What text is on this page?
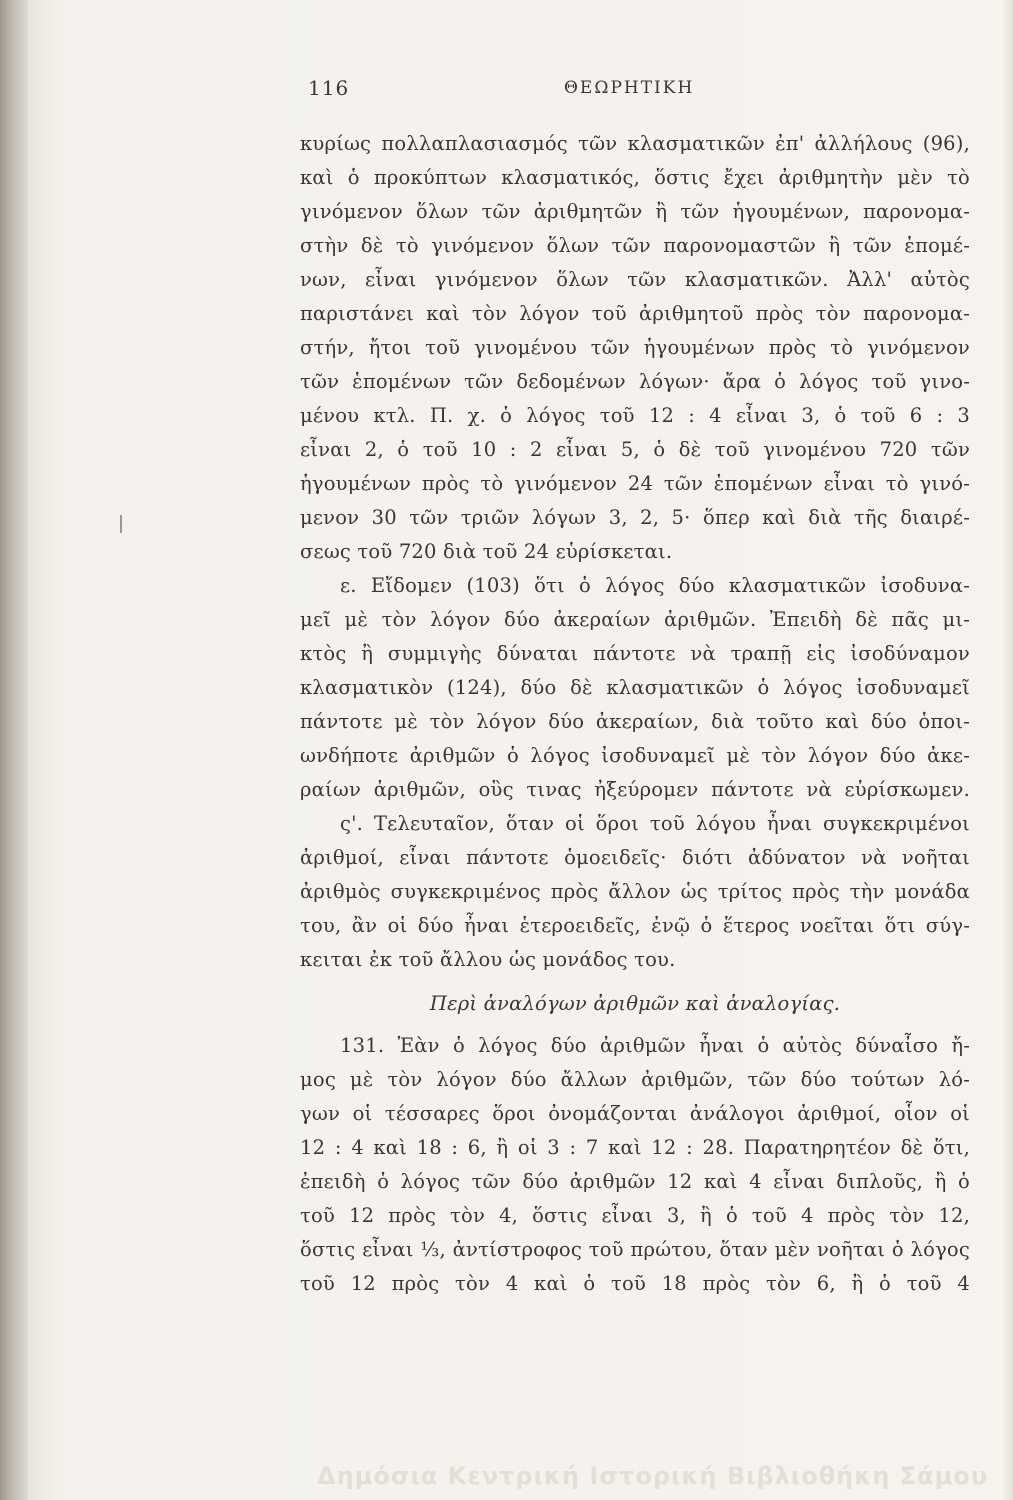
116	ΘΕΩΡΗΤΙΚΗ
κυρίως πολλαπλασιασμός τῶν κλασματικῶν ἐπ' ἀλλήλους (96),
καὶ ὁ προκύπτων κλασματικός, ὅστις ἔχει ἀριθμητὴν μὲν τὸ
γινόμενον ὅλων τῶν ἀριθμητῶν ἢ τῶν ἡγουμένων, παρονομα-
στὴν δὲ τὸ γινόμενον ὅλων τῶν παρονομαστῶν ἢ τῶν ἑπομέ-
νων, εἶναι γινόμενον ὅλων τῶν κλασματικῶν. Ἀλλ' αὐτὸς
παριστάνει καὶ τὸν λόγον τοῦ ἀριθμητοῦ πρὸς τὸν παρονομα-
στήν, ἤτοι τοῦ γινομένου τῶν ἡγουμένων πρὸς τὸ γινόμενον
τῶν ἑπομένων τῶν δεδομένων λόγων· ἄρα ὁ λόγος τοῦ γινο-
μένου κτλ. Π. χ. ὁ λόγος τοῦ 12 : 4 εἶναι 3, ὁ τοῦ 6 : 3
εἶναι 2, ὁ τοῦ 10 : 2 εἶναι 5, ὁ δὲ τοῦ γινομένου 720 τῶν
ἡγουμένων πρὸς τὸ γινόμενον 24 τῶν ἑπομένων εἶναι τὸ γινό-
μενον 30 τῶν τριῶν λόγων 3, 2, 5· ὅπερ καὶ διὰ τῆς διαιρέ-
σεως τοῦ 720 διὰ τοῦ 24 εὑρίσκεται.
ε. Εἴδομεν (103) ὅτι ὁ λόγος δύο κλασματικῶν ἰσοδυνα-
μεῖ μὲ τὸν λόγον δύο ἀκεραίων ἀριθμῶν. Ἐπειδὴ δὲ πᾶς μι-
κτὸς ἢ συμμιγὴς δύναται πάντοτε νὰ τραπῇ εἰς ἰσοδύναμον
κλασματικὸν (124), δύο δὲ κλασματικῶν ὁ λόγος ἰσοδυναμεῖ
πάντοτε μὲ τὸν λόγον δύο ἀκεραίων, διὰ τοῦτο καὶ δύο ὁποι-
ωνδήποτε ἀριθμῶν ὁ λόγος ἰσοδυναμεῖ μὲ τὸν λόγον δύο ἀκε-
ραίων ἀριθμῶν, οὓς τινας ἠξεύρομεν πάντοτε νὰ εὑρίσκωμεν.
ς'. Τελευταῖον, ὅταν οἱ ὅροι τοῦ λόγου ἦναι συγκεκριμένοι
ἀριθμοί, εἶναι πάντοτε ὁμοειδεῖς· διότι ἀδύνατον νὰ νοῆται
ἀριθμὸς συγκεκριμένος πρὸς ἄλλον ὡς τρίτος πρὸς τὴν μονάδα
του, ἂν οἱ δύο ἦναι ἑτεροειδεῖς, ἐνῷ ὁ ἕτερος νοεῖται ὅτι σύγ-
κειται ἐκ τοῦ ἄλλου ὡς μονάδος του.
Περὶ ἀναλόγων ἀριθμῶν καὶ ἀναλογίας.
131. Ἐὰν ὁ λόγος δύο ἀριθμῶν ἦναι ὁ αὐτὸς δύναἶσο ἤ-
μος μὲ τὸν λόγον δύο ἄλλων ἀριθμῶν, τῶν δύο τούτων λό-
γων οἱ τέσσαρες ὅροι ὀνομάζονται ἀνάλογοι ἀριθμοί, οἷον οἱ
12 : 4 καὶ 18 : 6, ἢ οἱ 3 : 7 καὶ 12 : 28. Παρατηρητέον δὲ ὅτι,
ἐπειδὴ ὁ λόγος τῶν δύο ἀριθμῶν 12 καὶ 4 εἶναι διπλοῦς, ἢ ὁ
τοῦ 12 πρὸς τὸν 4, ὅστις εἶναι 3, ἢ ὁ τοῦ 4 πρὸς τὸν 12,
ὅστις εἶναι ⅓, ἀντίστροφος τοῦ πρώτου, ὅταν μὲν νοῆται ὁ λόγος
τοῦ 12 πρὸς τὸν 4 καὶ ὁ τοῦ 18 πρὸς τὸν 6, ἢ ὁ τοῦ 4
Δημόσια Κεντρική Ιστορική Βιβλιοθήκη Σάμου
